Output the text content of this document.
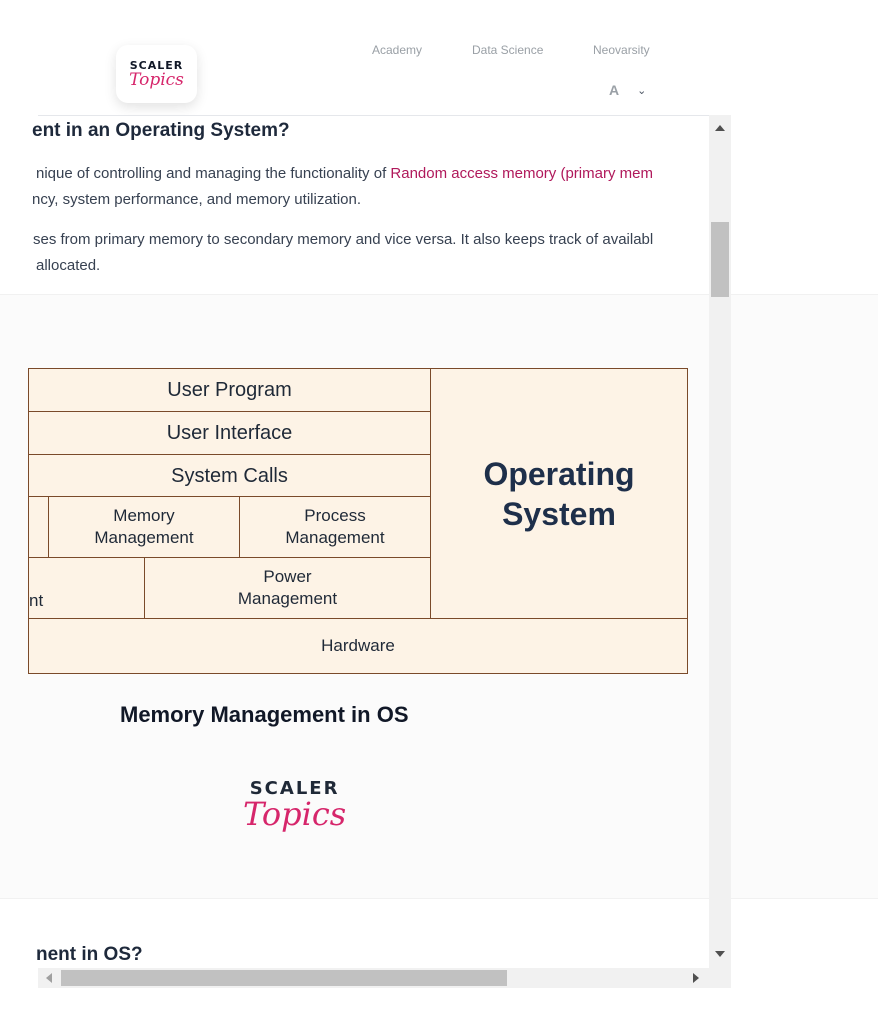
SCALER
Topics
Academy	Data Science	Neovarsity
A ⌄
ent in an Operating System?
nique of controlling and managing the functionality of Random access memory (primary mem
ncy, system performance, and memory utilization.
ses from primary memory to secondary memory and vice versa. It also keeps track of availabl
allocated.
User Program
User Interface
System Calls
Memory
Management
Process
Management
nt
Power
Management
Operating
System
Hardware
Memory Management in OS
SCALER
Topics
nent in OS?
